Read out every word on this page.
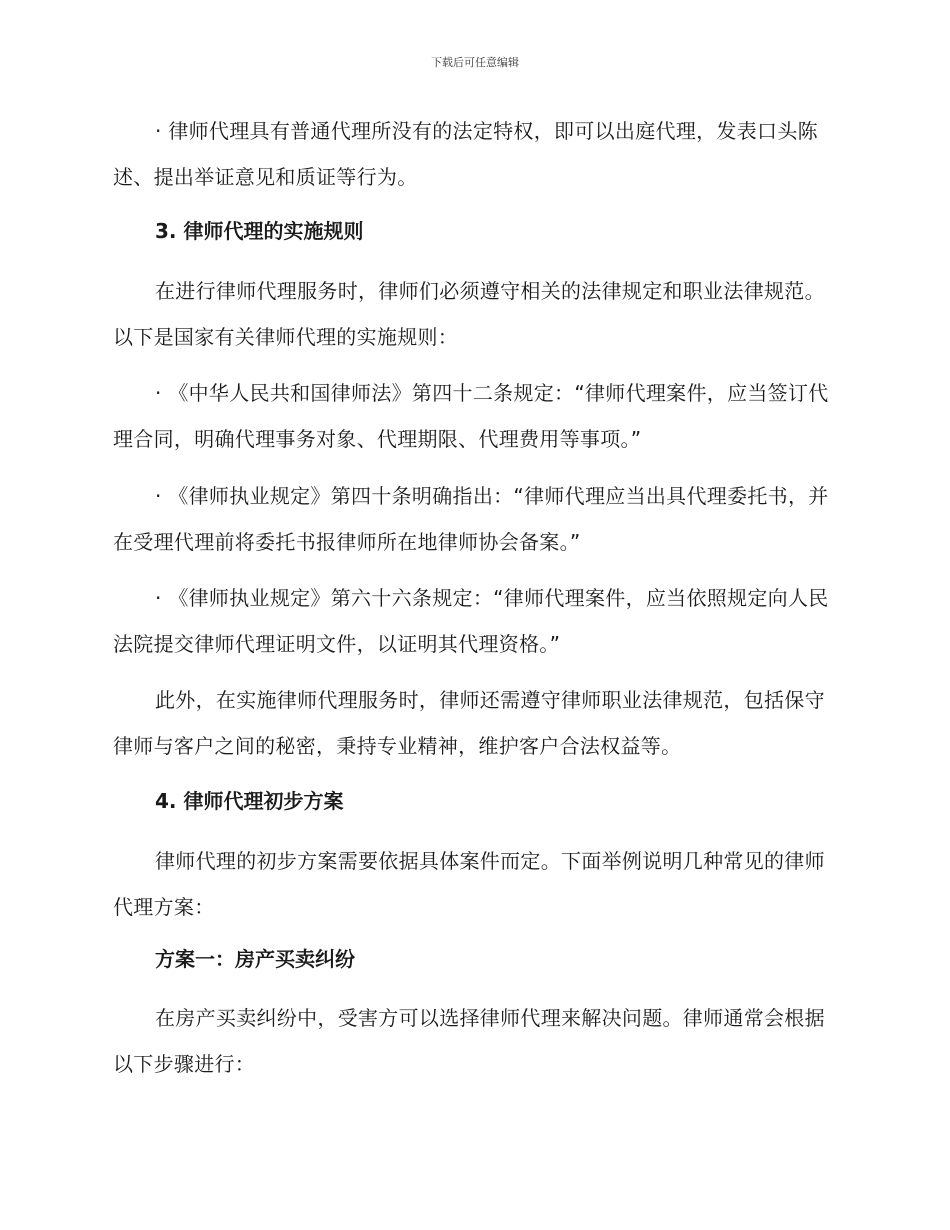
下载后可任意编辑

· 律师代理具有普通代理所没有的法定特权，即可以出庭代理，发表口头陈述、提出举证意见和质证等行为。

3. 律师代理的实施规则

在进行律师代理服务时，律师们必须遵守相关的法律规定和职业法律规范。以下是国家有关律师代理的实施规则：

· 《中华人民共和国律师法》第四十二条规定：“律师代理案件，应当签订代理合同，明确代理事务对象、代理期限、代理费用等事项。”

· 《律师执业规定》第四十条明确指出：“律师代理应当出具代理委托书，并在受理代理前将委托书报律师所在地律师协会备案。”

· 《律师执业规定》第六十六条规定：“律师代理案件，应当依照规定向人民法院提交律师代理证明文件，以证明其代理资格。”

此外，在实施律师代理服务时，律师还需遵守律师职业法律规范，包括保守律师与客户之间的秘密，秉持专业精神，维护客户合法权益等。

4. 律师代理初步方案

律师代理的初步方案需要依据具体案件而定。下面举例说明几种常见的律师代理方案：

方案一：房产买卖纠纷

在房产买卖纠纷中，受害方可以选择律师代理来解决问题。律师通常会根据以下步骤进行：
